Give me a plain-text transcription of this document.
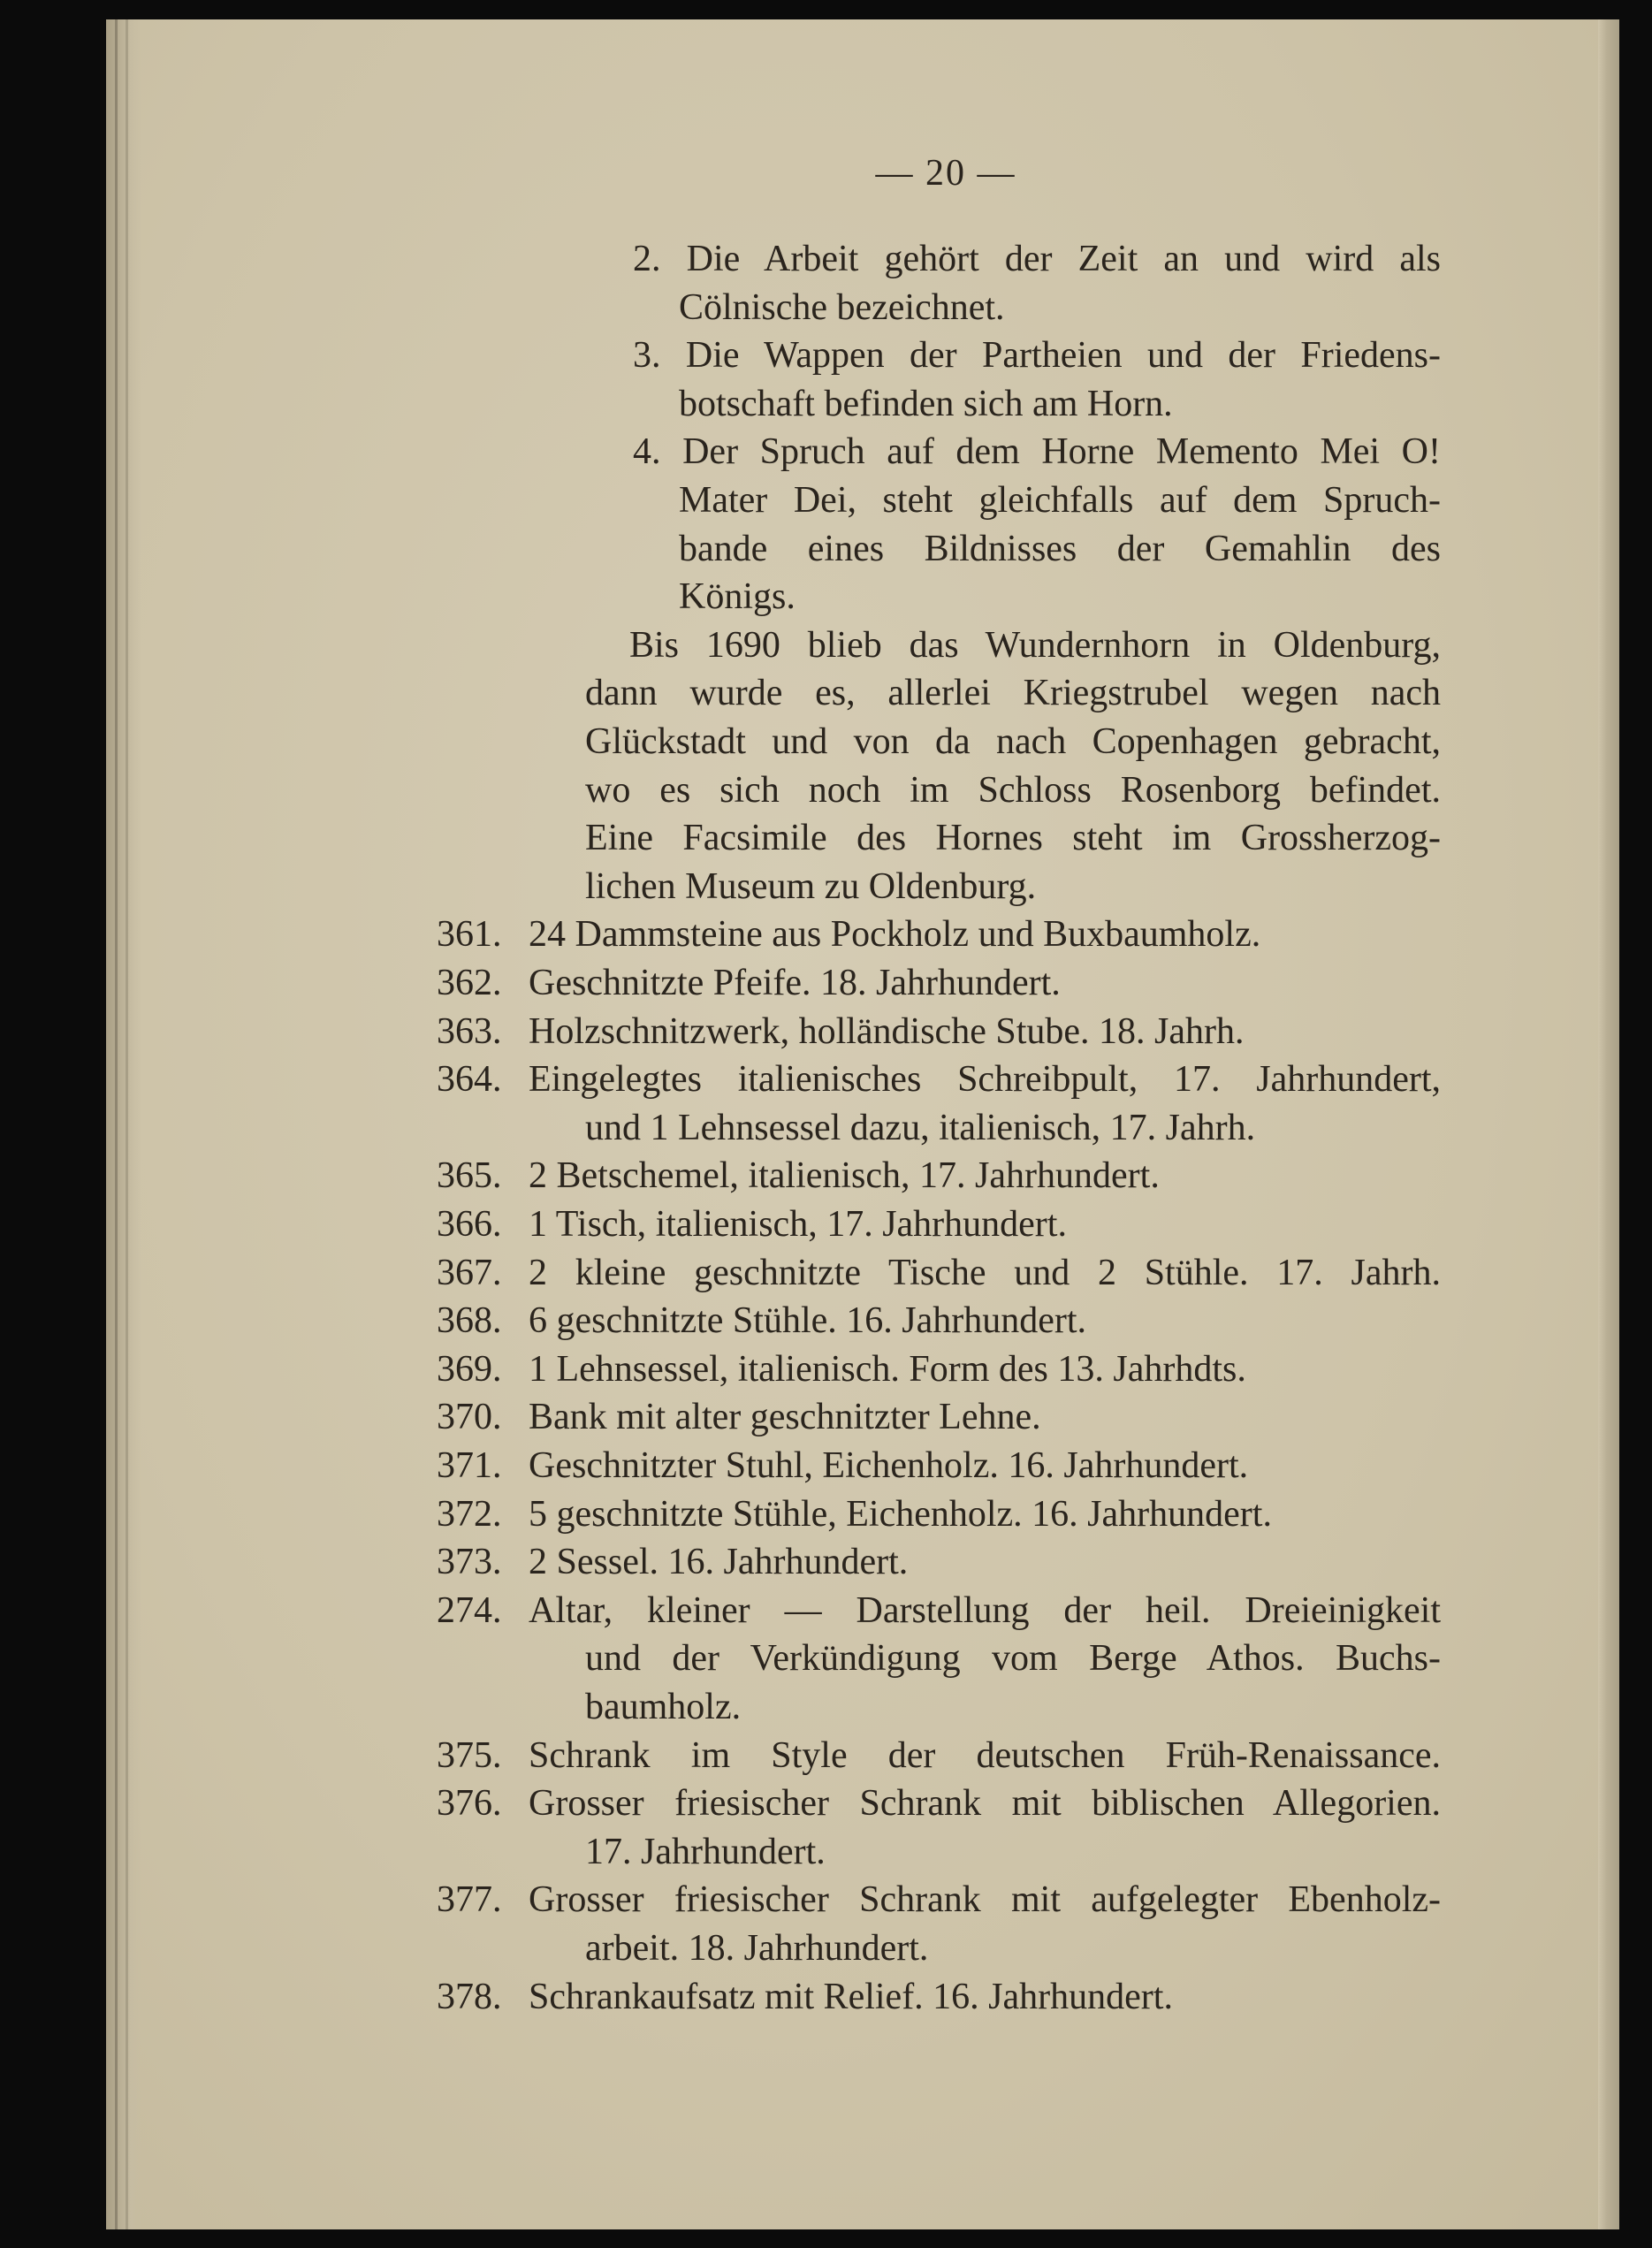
— 20 —
2. Die Arbeit gehört der Zeit an und wird als
Cölnische bezeichnet.
3. Die Wappen der Partheien und der Friedens-
botschaft befinden sich am Horn.
4. Der Spruch auf dem Horne Memento Mei O!
Mater Dei, steht gleichfalls auf dem Spruch-
bande eines Bildnisses der Gemahlin des
Königs.
Bis 1690 blieb das Wundernhorn in Oldenburg,
dann wurde es, allerlei Kriegstrubel wegen nach
Glückstadt und von da nach Copenhagen gebracht,
wo es sich noch im Schloss Rosenborg befindet.
Eine Facsimile des Hornes steht im Grossherzog-
lichen Museum zu Oldenburg.
361. 24 Dammsteine aus Pockholz und Buxbaumholz.
362. Geschnitzte Pfeife. 18. Jahrhundert.
363. Holzschnitzwerk, holländische Stube. 18. Jahrh.
364. Eingelegtes italienisches Schreibpult, 17. Jahrhundert,
und 1 Lehnsessel dazu, italienisch, 17. Jahrh.
365. 2 Betschemel, italienisch, 17. Jahrhundert.
366. 1 Tisch, italienisch, 17. Jahrhundert.
367. 2 kleine geschnitzte Tische und 2 Stühle. 17. Jahrh.
368. 6 geschnitzte Stühle. 16. Jahrhundert.
369. 1 Lehnsessel, italienisch. Form des 13. Jahrhdts.
370. Bank mit alter geschnitzter Lehne.
371. Geschnitzter Stuhl, Eichenholz. 16. Jahrhundert.
372. 5 geschnitzte Stühle, Eichenholz. 16. Jahrhundert.
373. 2 Sessel. 16. Jahrhundert.
274. Altar, kleiner — Darstellung der heil. Dreieinigkeit
und der Verkündigung vom Berge Athos. Buchs-
baumholz.
375. Schrank im Style der deutschen Früh-Renaissance.
376. Grosser friesischer Schrank mit biblischen Allegorien.
17. Jahrhundert.
377. Grosser friesischer Schrank mit aufgelegter Ebenholz-
arbeit. 18. Jahrhundert.
378. Schrankaufsatz mit Relief. 16. Jahrhundert.
